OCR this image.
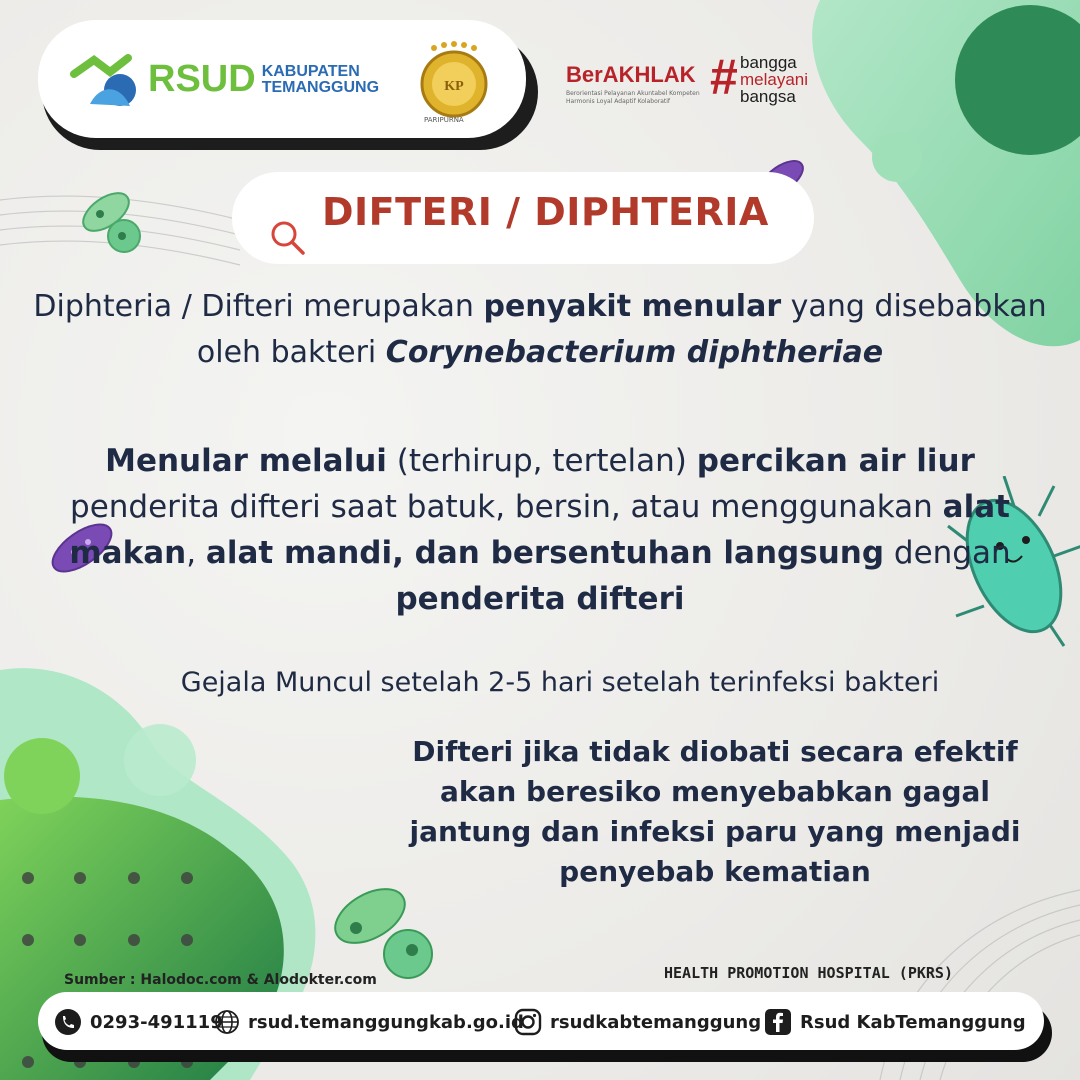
RSUD KABUPATEN
TEMANGGUNG	KP
PARIPURNA
BerAKHLAK
Berorientasi Pelayanan Akuntabel Kompeten
Harmonis Loyal Adaptif Kolaboratif # bangga
melayani
bangsa
DIFTERI / DIPHTERIA
Diphteria / Difteri merupakan penyakit menular yang disebabkan oleh bakteri Corynebacterium diphtheriae
Menular melalui (terhirup, tertelan) percikan air liur penderita difteri saat batuk, bersin, atau menggunakan alat makan, alat mandi, dan bersentuhan langsung dengan penderita difteri
Gejala Muncul setelah 2-5 hari setelah terinfeksi bakteri
Difteri jika tidak diobati secara efektif akan beresiko menyebabkan gagal jantung dan infeksi paru yang menjadi penyebab kematian
Sumber : Halodoc.com & Alodokter.com	HEALTH PROMOTION HOSPITAL (PKRS)
0293-491119 rsud.temanggungkab.go.id rsudkabtemanggung Rsud KabTemanggung
